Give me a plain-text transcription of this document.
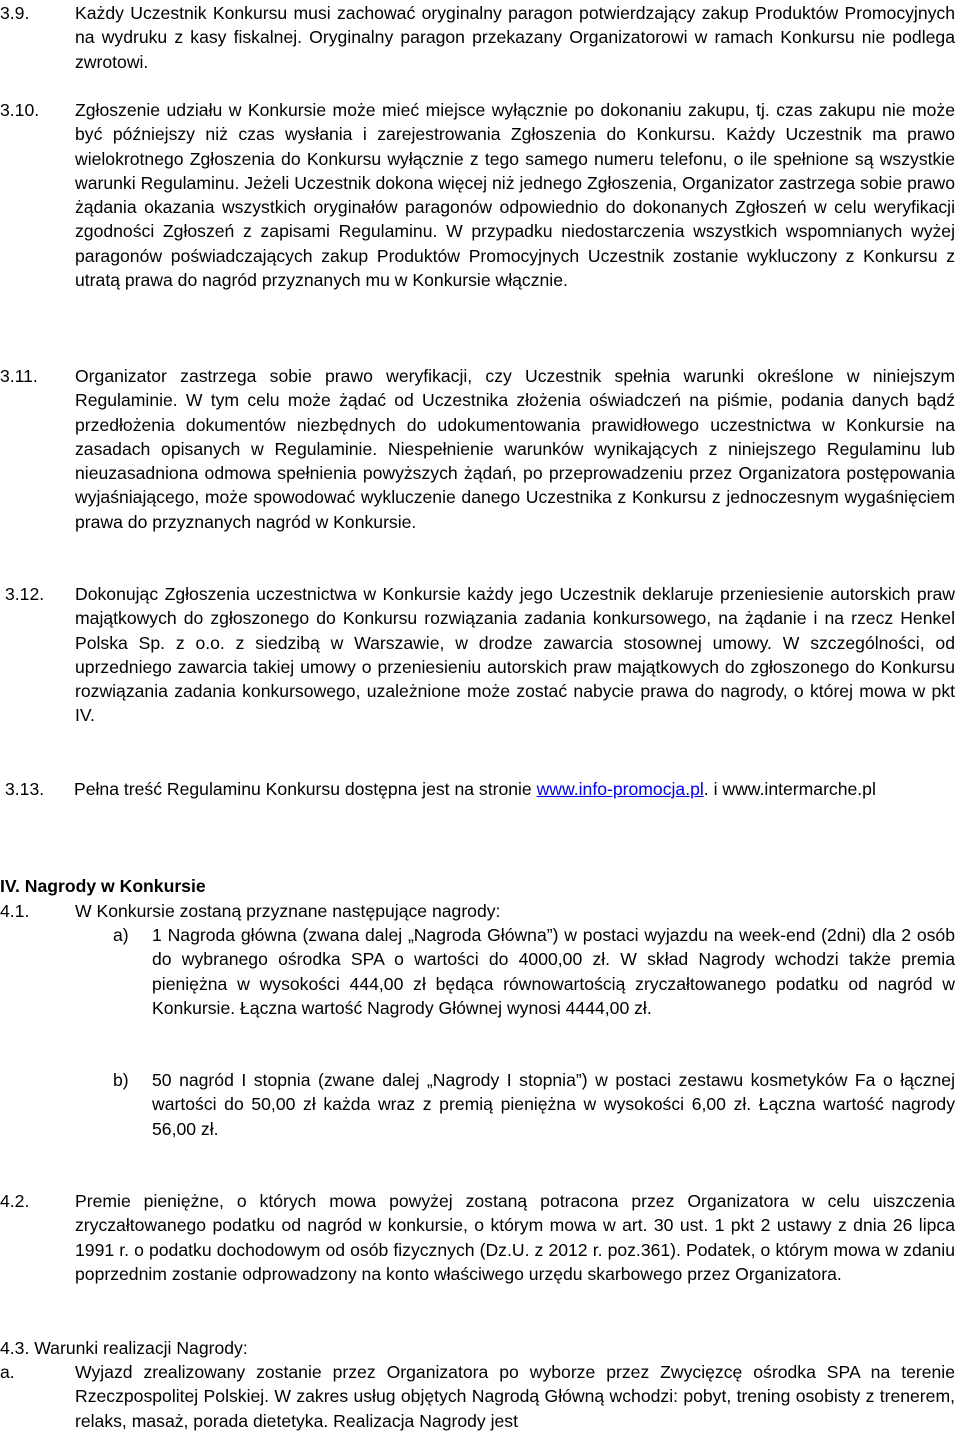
3.9.	Każdy Uczestnik Konkursu musi zachować oryginalny paragon potwierdzający zakup Produktów Promocyjnych na wydruku z kasy fiskalnej. Oryginalny paragon przekazany Organizatorowi w ramach Konkursu nie podlega zwrotowi.
3.10. Zgłoszenie udziału w Konkursie może mieć miejsce wyłącznie po dokonaniu zakupu, tj. czas zakupu nie może być późniejszy niż czas wysłania i zarejestrowania Zgłoszenia do Konkursu. Każdy Uczestnik ma prawo wielokrotnego Zgłoszenia do Konkursu wyłącznie z tego samego numeru telefonu, o ile spełnione są wszystkie warunki Regulaminu. Jeżeli Uczestnik dokona więcej niż jednego Zgłoszenia, Organizator zastrzega sobie prawo żądania okazania wszystkich oryginałów paragonów odpowiednio do dokonanych Zgłoszeń w celu weryfikacji zgodności Zgłoszeń z zapisami Regulaminu. W przypadku niedostarczenia wszystkich wspomnianych wyżej paragonów poświadczających zakup Produktów Promocyjnych Uczestnik zostanie wykluczony z Konkursu z utratą prawa do nagród przyznanych mu w Konkursie włącznie.
3.11. Organizator zastrzega sobie prawo weryfikacji, czy Uczestnik spełnia warunki określone w niniejszym Regulaminie. W tym celu może żądać od Uczestnika złożenia oświadczeń na piśmie, podania danych bądź przedłożenia dokumentów niezbędnych do udokumentowania prawidłowego uczestnictwa w Konkursie na zasadach opisanych w Regulaminie. Niespełnienie warunków wynikających z niniejszego Regulaminu lub nieuzasadniona odmowa spełnienia powyższych żądań, po przeprowadzeniu przez Organizatora postępowania wyjaśniającego, może spowodować wykluczenie danego Uczestnika z Konkursu z jednoczesnym wygaśnięciem prawa do przyznanych nagród w Konkursie.
3.12. Dokonując Zgłoszenia uczestnictwa w Konkursie każdy jego Uczestnik deklaruje przeniesienie autorskich praw majątkowych do zgłoszonego do Konkursu rozwiązania zadania konkursowego, na żądanie i na rzecz Henkel Polska Sp. z o.o. z siedzibą w Warszawie, w drodze zawarcia stosownej umowy. W szczególności, od uprzedniego zawarcia takiej umowy o przeniesieniu autorskich praw majątkowych do zgłoszonego do Konkursu rozwiązania zadania konkursowego, uzależnione może zostać nabycie prawa do nagrody, o której mowa w pkt IV.
3.13. Pełna treść Regulaminu Konkursu dostępna jest na stronie www.info-promocja.pl. i www.intermarche.pl
IV. Nagrody w Konkursie
4.1.	W Konkursie zostaną przyznane następujące nagrody:
a) 1 Nagroda główna (zwana dalej „Nagroda Główna”) w postaci wyjazdu na week-end (2dni) dla 2 osób do wybranego ośrodka SPA o wartości do 4000,00 zł. W skład Nagrody wchodzi także premia pieniężna w wysokości 444,00 zł będąca równowartością zryczałtowanego podatku od nagród w Konkursie. Łączna wartość Nagrody Głównej wynosi 4444,00 zł.
b) 50 nagród I stopnia (zwane dalej „Nagrody I stopnia”) w postaci zestawu kosmetyków Fa o łącznej wartości do 50,00 zł każda wraz z premią pieniężna w wysokości 6,00 zł. Łączna wartość nagrody 56,00 zł.
4.2.	Premie pieniężne, o których mowa powyżej zostaną potracona przez Organizatora w celu uiszczenia zryczałtowanego podatku od nagród w konkursie, o którym mowa w art. 30 ust. 1 pkt 2 ustawy z dnia 26 lipca 1991 r. o podatku dochodowym od osób fizycznych (Dz.U. z 2012 r. poz.361). Podatek, o którym mowa w zdaniu poprzednim zostanie odprowadzony na konto właściwego urzędu skarbowego przez Organizatora.
4.3. Warunki realizacji Nagrody:
a.	Wyjazd zrealizowany zostanie przez Organizatora po wyborze przez Zwycięzcę ośrodka SPA na terenie Rzeczpospolitej Polskiej. W zakres usług objętych Nagrodą Główną wchodzi: pobyt, trening osobisty z trenerem, relaks, masaż, porada dietetyka. Realizacja Nagrody jest
